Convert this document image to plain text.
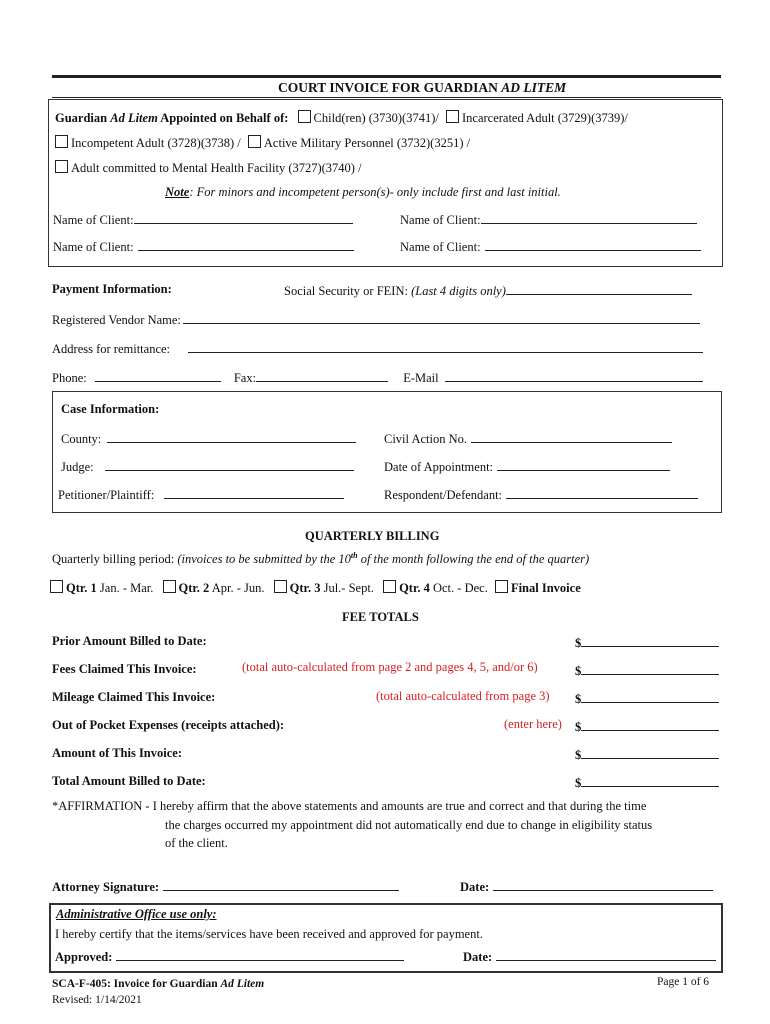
COURT INVOICE FOR GUARDIAN AD LITEM
Guardian Ad Litem Appointed on Behalf of: Child(ren) (3730)(3741)/ Incarcerated Adult (3729)(3739)/
Incompetent Adult (3728)(3738) / Active Military Personnel (3732)(3251) /
Adult committed to Mental Health Facility (3727)(3740) /
Note: For minors and incompetent person(s)- only include first and last initial.
Name of Client:	Name of Client:
Name of Client:	Name of Client:
Payment Information:	Social Security or FEIN: (Last 4 digits only)
Registered Vendor Name:
Address for remittance:
Phone:	Fax:	E-Mail
Case Information:
County:	Civil Action No.
Judge:	Date of Appointment:
Petitioner/Plaintiff:	Respondent/Defendant:
QUARTERLY BILLING
Quarterly billing period: (invoices to be submitted by the 10th of the month following the end of the quarter)
Qtr. 1 Jan. - Mar. Qtr. 2 Apr. - Jun. Qtr. 3 Jul.- Sept. Qtr. 4 Oct. - Dec. Final Invoice
FEE TOTALS
Prior Amount Billed to Date:	$
Fees Claimed This Invoice:	(total auto-calculated from page 2 and pages 4, 5, and/or 6)	$
Mileage Claimed This Invoice:	(total auto-calculated from page 3) $
Out of Pocket Expenses (receipts attached):	(enter here) $
Amount of This Invoice:	$
Total Amount Billed to Date:	$
*AFFIRMATION - I hereby affirm that the above statements and amounts are true and correct and that during the time
the charges occurred my appointment did not automatically end due to change in eligibility status
of the client.
Attorney Signature:	Date:
Administrative Office use only:
I hereby certify that the items/services have been received and approved for payment.
Approved:	Date:
SCA-F-405: Invoice for Guardian Ad Litem
Revised: 1/14/2021
Page 1 of 6
